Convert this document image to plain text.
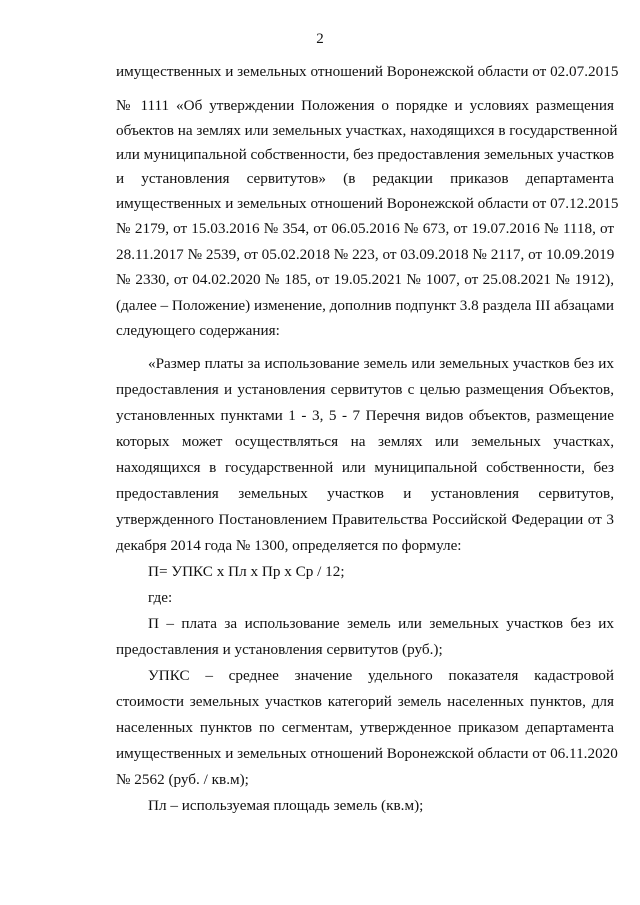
2
имущественных и земельных отношений Воронежской области от 02.07.2015
№ 1111 «Об утверждении Положения о порядке и условиях размещения
объектов на землях или земельных участках, находящихся в государственной
или муниципальной собственности, без предоставления земельных участков
и установления сервитутов» (в редакции приказов департамента
имущественных и земельных отношений Воронежской области от 07.12.2015
№ 2179, от 15.03.2016 № 354, от 06.05.2016 № 673, от 19.07.2016 № 1118, от
28.11.2017 № 2539, от 05.02.2018 № 223, от 03.09.2018 № 2117, от 10.09.2019
№ 2330, от 04.02.2020 № 185, от 19.05.2021 № 1007, от 25.08.2021 № 1912),
(далее – Положение) изменение, дополнив подпункт 3.8 раздела III абзацами
следующего содержания:
«Размер платы за использование земель или земельных участков без их
предоставления и установления сервитутов с целью размещения Объектов,
установленных пунктами 1 - 3, 5 - 7 Перечня видов объектов, размещение
которых может осуществляться на землях или земельных участках,
находящихся в государственной или муниципальной собственности, без
предоставления земельных участков и установления сервитутов,
утвержденного Постановлением Правительства Российской Федерации от 3
декабря 2014 года № 1300, определяется по формуле:
П= УПКС х Пл х Пр х Ср / 12;
где:
П – плата за использование земель или земельных участков без их
предоставления и установления сервитутов (руб.);
УПКС – среднее значение удельного показателя кадастровой
стоимости земельных участков категорий земель населенных пунктов, для
населенных пунктов по сегментам, утвержденное приказом департамента
имущественных и земельных отношений Воронежской области от 06.11.2020
№ 2562 (руб. / кв.м);
Пл – используемая площадь земель (кв.м);
